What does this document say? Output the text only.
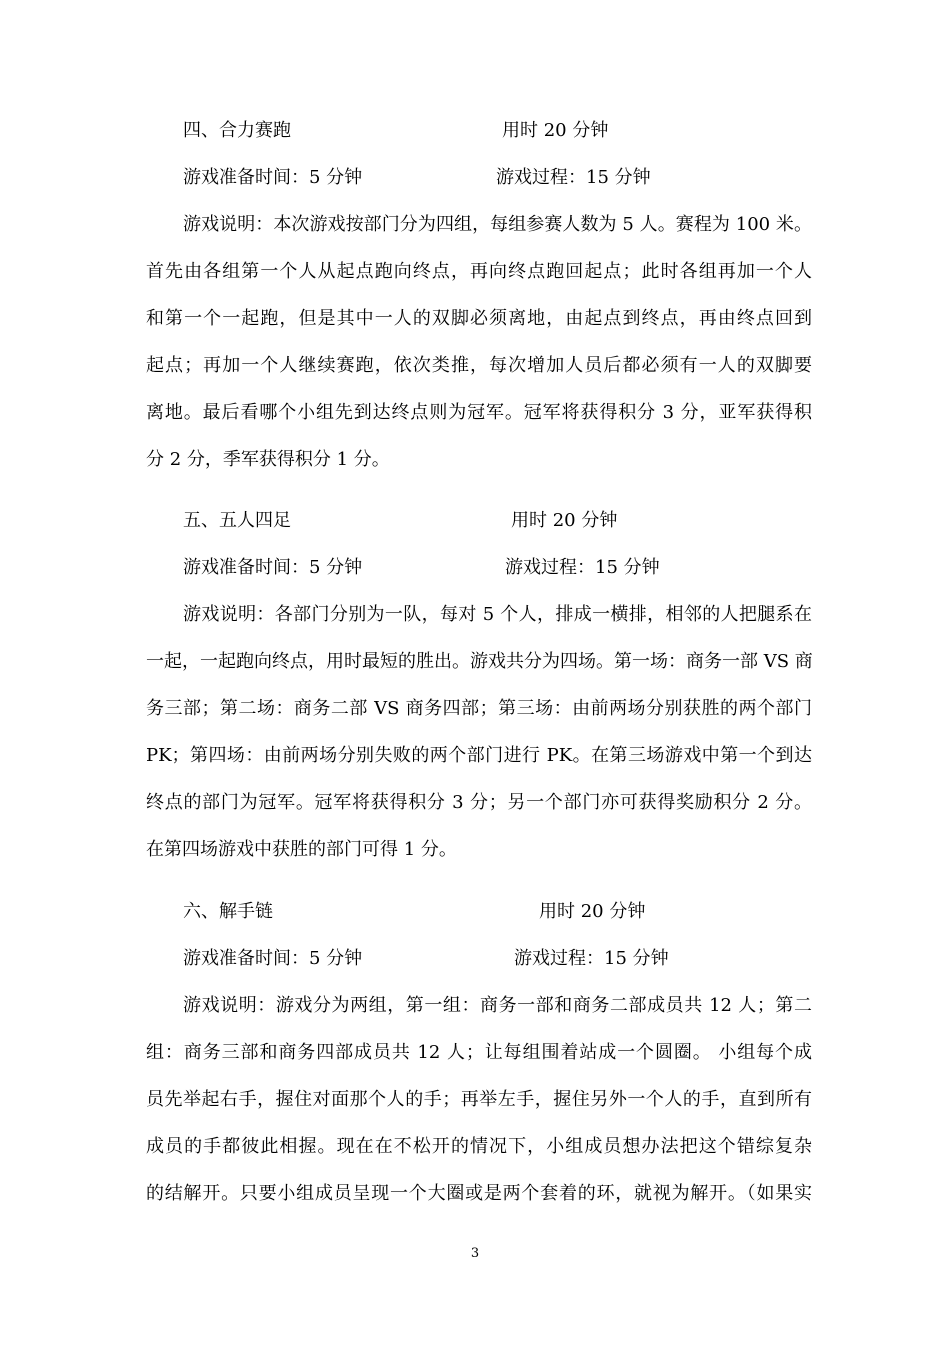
四、合力赛跑	用时 20 分钟
游戏准备时间：5 分钟	游戏过程：15 分钟
游戏说明：本次游戏按部门分为四组，每组参赛人数为 5 人。赛程为 100 米。
首先由各组第一个人从起点跑向终点，再向终点跑回起点；此时各组再加一个人
和第一个一起跑，但是其中一人的双脚必须离地，由起点到终点，再由终点回到
起点；再加一个人继续赛跑，依次类推，每次增加人员后都必须有一人的双脚要
离地。最后看哪个小组先到达终点则为冠军。冠军将获得积分 3 分，亚军获得积
分 2 分，季军获得积分 1 分。
五、五人四足	用时 20 分钟
游戏准备时间：5 分钟	游戏过程：15 分钟
游戏说明：各部门分别为一队，每对 5 个人，排成一横排，相邻的人把腿系在
一起，一起跑向终点，用时最短的胜出。游戏共分为四场。第一场：商务一部 VS 商
务三部；第二场：商务二部 VS 商务四部；第三场：由前两场分别获胜的两个部门
PK；第四场：由前两场分别失败的两个部门进行 PK。在第三场游戏中第一个到达
终点的部门为冠军。冠军将获得积分 3 分；另一个部门亦可获得奖励积分 2 分。
在第四场游戏中获胜的部门可得 1 分。
六、解手链	用时 20 分钟
游戏准备时间：5 分钟	游戏过程：15 分钟
游戏说明：游戏分为两组，第一组：商务一部和商务二部成员共 12 人；第二
组：商务三部和商务四部成员共 12 人；让每组围着站成一个圆圈。 小组每个成
员先举起右手，握住对面那个人的手；再举左手，握住另外一个人的手，直到所有
成员的手都彼此相握。现在在不松开的情况下，小组成员想办法把这个错综复杂
的结解开。只要小组成员呈现一个大圈或是两个套着的环，就视为解开。（如果实
3
